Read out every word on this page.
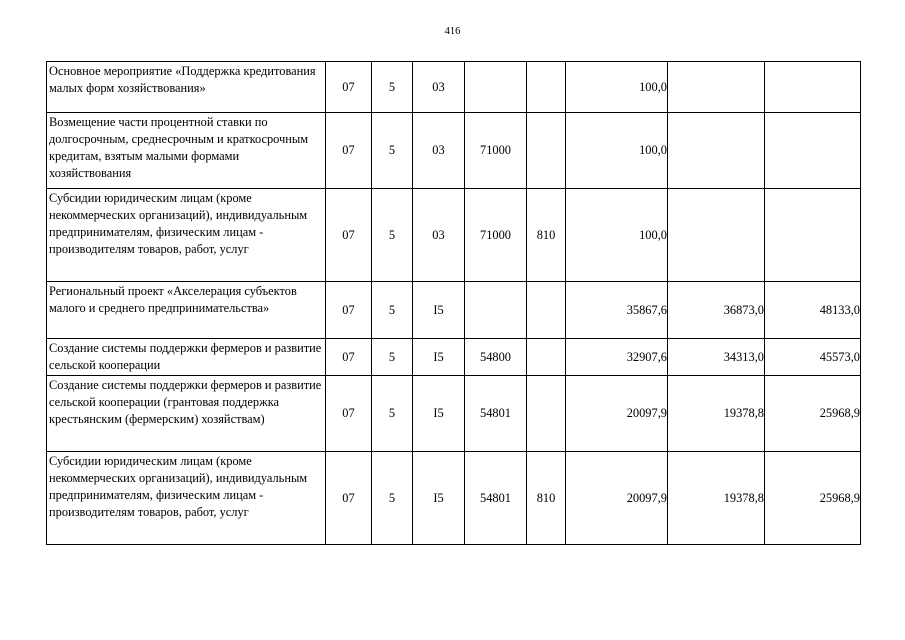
416
Основное мероприятие «Поддержка кредитования малых форм хозяйствования»	07	5	03			100,0		
Возмещение части процентной ставки по долгосрочным, среднесрочным и краткосрочным кредитам, взятым малыми формами хозяйствования	07	5	03	71000		100,0		
Субсидии юридическим лицам (кроме некоммерческих организаций), индивидуальным предпринимателям, физическим лицам - производителям товаров, работ, услуг	07	5	03	71000	810	100,0		
Региональный проект «Акселерация субъектов малого и среднего предпринимательства»	07	5	I5			35867,6	36873,0	48133,0
Создание системы поддержки фермеров и развитие сельской кооперации	07	5	I5	54800		32907,6	34313,0	45573,0
Создание системы поддержки фермеров и развитие сельской кооперации (грантовая поддержка крестьянским (фермерским) хозяйствам)	07	5	I5	54801		20097,9	19378,8	25968,9
Субсидии юридическим лицам (кроме некоммерческих организаций), индивидуальным предпринимателям, физическим лицам - производителям товаров, работ, услуг	07	5	I5	54801	810	20097,9	19378,8	25968,9
